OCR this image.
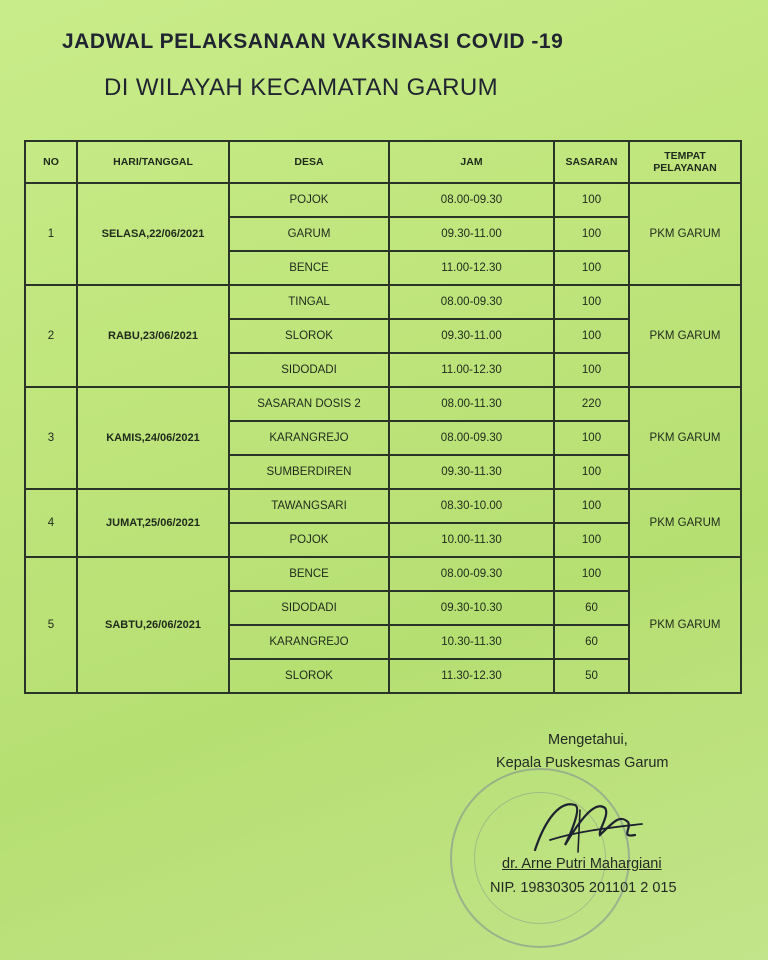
JADWAL PELAKSANAAN VAKSINASI COVID -19
DI WILAYAH KECAMATAN GARUM
NO	HARI/TANGGAL	DESA	JAM	SASARAN	TEMPAT
PELAYANAN
1	SELASA,22/06/2021	POJOK	08.00-09.30	100	PKM GARUM
		GARUM	09.30-11.00	100	
		BENCE	11.00-12.30	100	
2	RABU,23/06/2021	TINGAL	08.00-09.30	100	PKM GARUM
		SLOROK	09.30-11.00	100	
		SIDODADI	11.00-12.30	100	
3	KAMIS,24/06/2021	SASARAN DOSIS 2	08.00-11.30	220	PKM GARUM
		KARANGREJO	08.00-09.30	100	
		SUMBERDIREN	09.30-11.30	100	
4	JUMAT,25/06/2021	TAWANGSARI	08.30-10.00	100	PKM GARUM
		POJOK	10.00-11.30	100	
5	SABTU,26/06/2021	BENCE	08.00-09.30	100	PKM GARUM
		SIDODADI	09.30-10.30	60	
		KARANGREJO	10.30-11.30	60	
		SLOROK	11.30-12.30	50	
Mengetahui,
Kepala Puskesmas Garum
dr. Arne Putri Mahargiani
NIP. 19830305 201101 2 015
